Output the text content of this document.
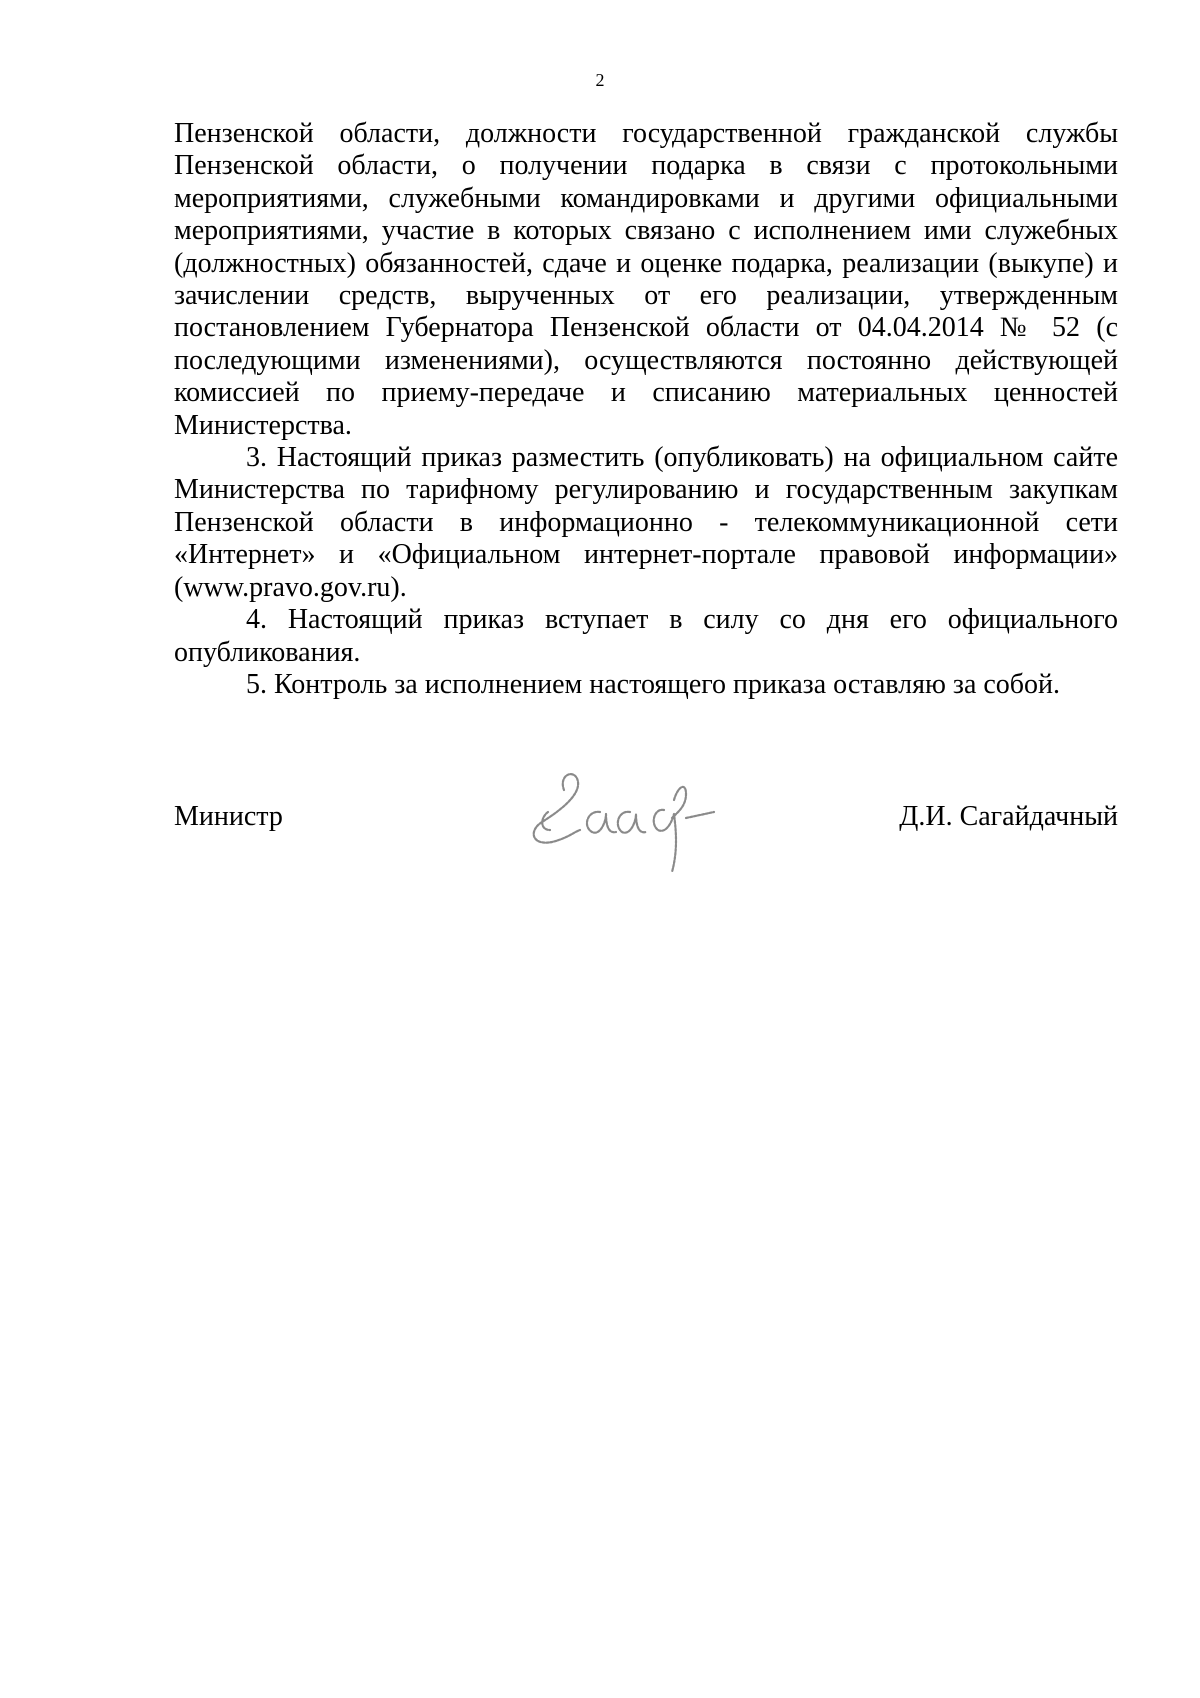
2

Пензенской области, должности государственной гражданской службы Пензенской области, о получении подарка в связи с протокольными мероприятиями, служебными командировками и другими официальными мероприятиями, участие в которых связано с исполнением ими служебных (должностных) обязанностей, сдаче и оценке подарка, реализации (выкупе) и зачислении средств, вырученных от его реализации, утвержденным постановлением Губернатора Пензенской области от 04.04.2014 № 52 (с последующими изменениями), осуществляются постоянно действующей комиссией по приему-передаче и списанию материальных ценностей Министерства.

3. Настоящий приказ разместить (опубликовать) на официальном сайте Министерства по тарифному регулированию и государственным закупкам Пензенской области в информационно - телекоммуникационной сети «Интернет» и «Официальном интернет-портале правовой информации» (www.pravo.gov.ru).

4. Настоящий приказ вступает в силу со дня его официального опубликования.

5. Контроль за исполнением настоящего приказа оставляю за собой.

Министр	Д.И. Сагайдачный
